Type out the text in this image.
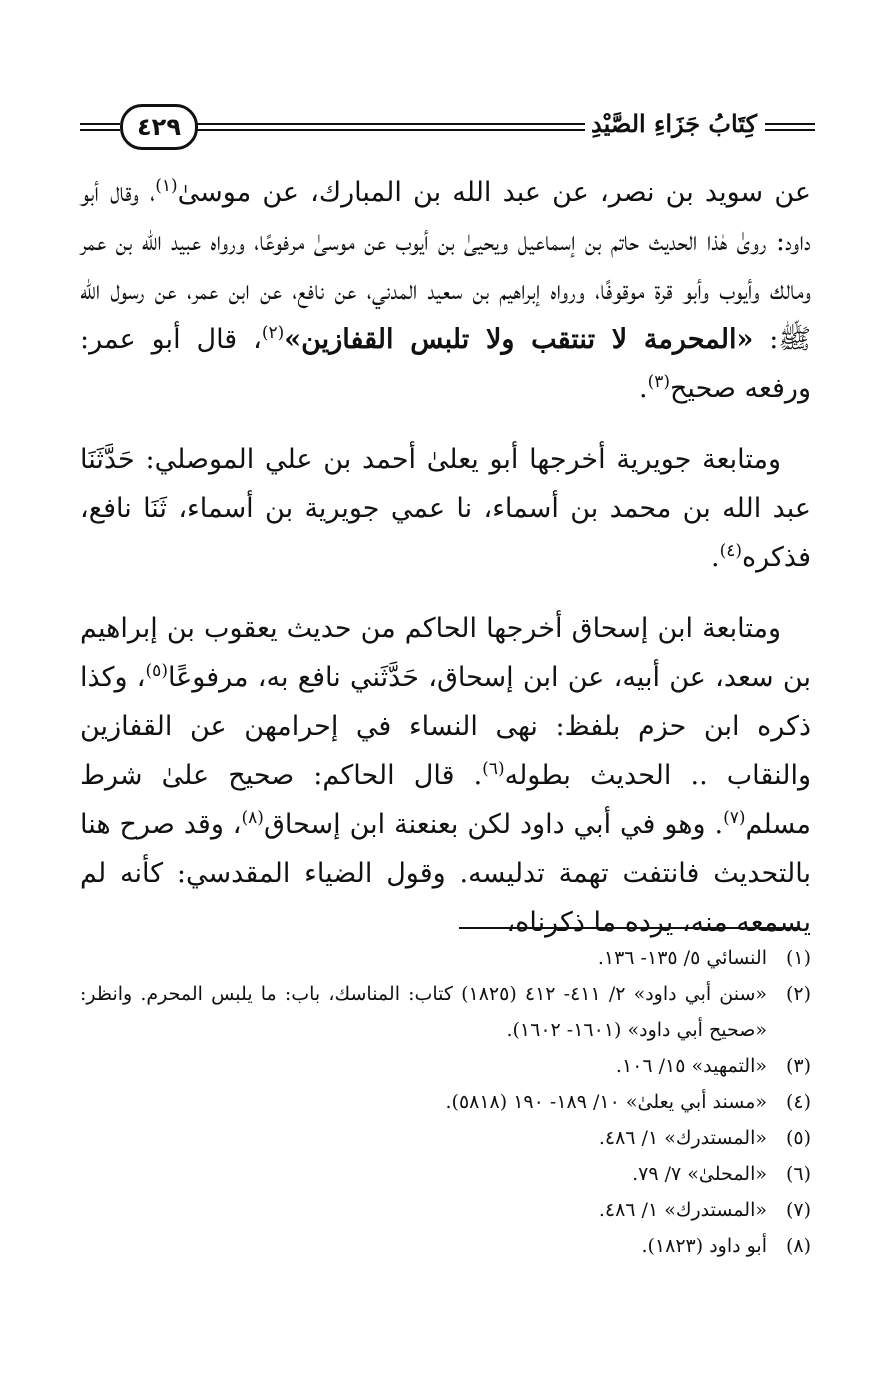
كِتَابُ جَزَاءِ الصَّيْدِ
٤٢٩

عن سويد بن نصر، عن عبد الله بن المبارك، عن موسىٰ$^{(١)}$، وقال أبو داود: روىٰ هٰذا الحديث حاتم بن إسماعيل ويحيىٰ بن أيوب عن موسىٰ مرفوعًا، ورواه عبيد الله بن عمر ومالك وأيوب وأبو قرة موقوفًا، ورواه إبراهيم بن سعيد المدني، عن نافع، عن ابن عمر، عن رسول الله ﷺ: «المحرمة لا تنتقب ولا تلبس القفازين»$^{(٢)}$، قال أبو عمر: ورفعه صحيح$^{(٣)}$.

ومتابعة جويرية أخرجها أبو يعلىٰ أحمد بن علي الموصلي: حَدَّثَنَا عبد الله بن محمد بن أسماء، نا عمي جويرية بن أسماء، ثَنَا نافع، فذكره$^{(٤)}$.

ومتابعة ابن إسحاق أخرجها الحاكم من حديث يعقوب بن إبراهيم بن سعد، عن أبيه، عن ابن إسحاق، حَدَّثَني نافع به، مرفوعًا$^{(٥)}$، وكذا ذكره ابن حزم بلفظ: نهى النساء في إحرامهن عن القفازين والنقاب .. الحديث بطوله$^{(٦)}$. قال الحاكم: صحيح علىٰ شرط مسلم$^{(٧)}$. وهو في أبي داود لكن بعنعنة ابن إسحاق$^{(٨)}$، وقد صرح هنا بالتحديث فانتفت تهمة تدليسه. وقول الضياء المقدسي: كأنه لم يسمعه منه، يرده ما ذكرناه،

(١)
النسائي ٥/ ١٣٥- ١٣٦.
(٢)
«سنن أبي داود» ٢/ ٤١١- ٤١٢ (١٨٢٥) كتاب: المناسك، باب: ما يلبس المحرم. وانظر: «صحيح أبي داود» (١٦٠١- ١٦٠٢).
(٣)
«التمهيد» ١٥/ ١٠٦.
(٤)
«مسند أبي يعلىٰ» ١٠/ ١٨٩- ١٩٠ (٥٨١٨).
(٥)
«المستدرك» ١/ ٤٨٦.
(٦)
«المحلىٰ» ٧/ ٧٩.
(٧)
«المستدرك» ١/ ٤٨٦.
(٨)
أبو داود (١٨٢٣).
